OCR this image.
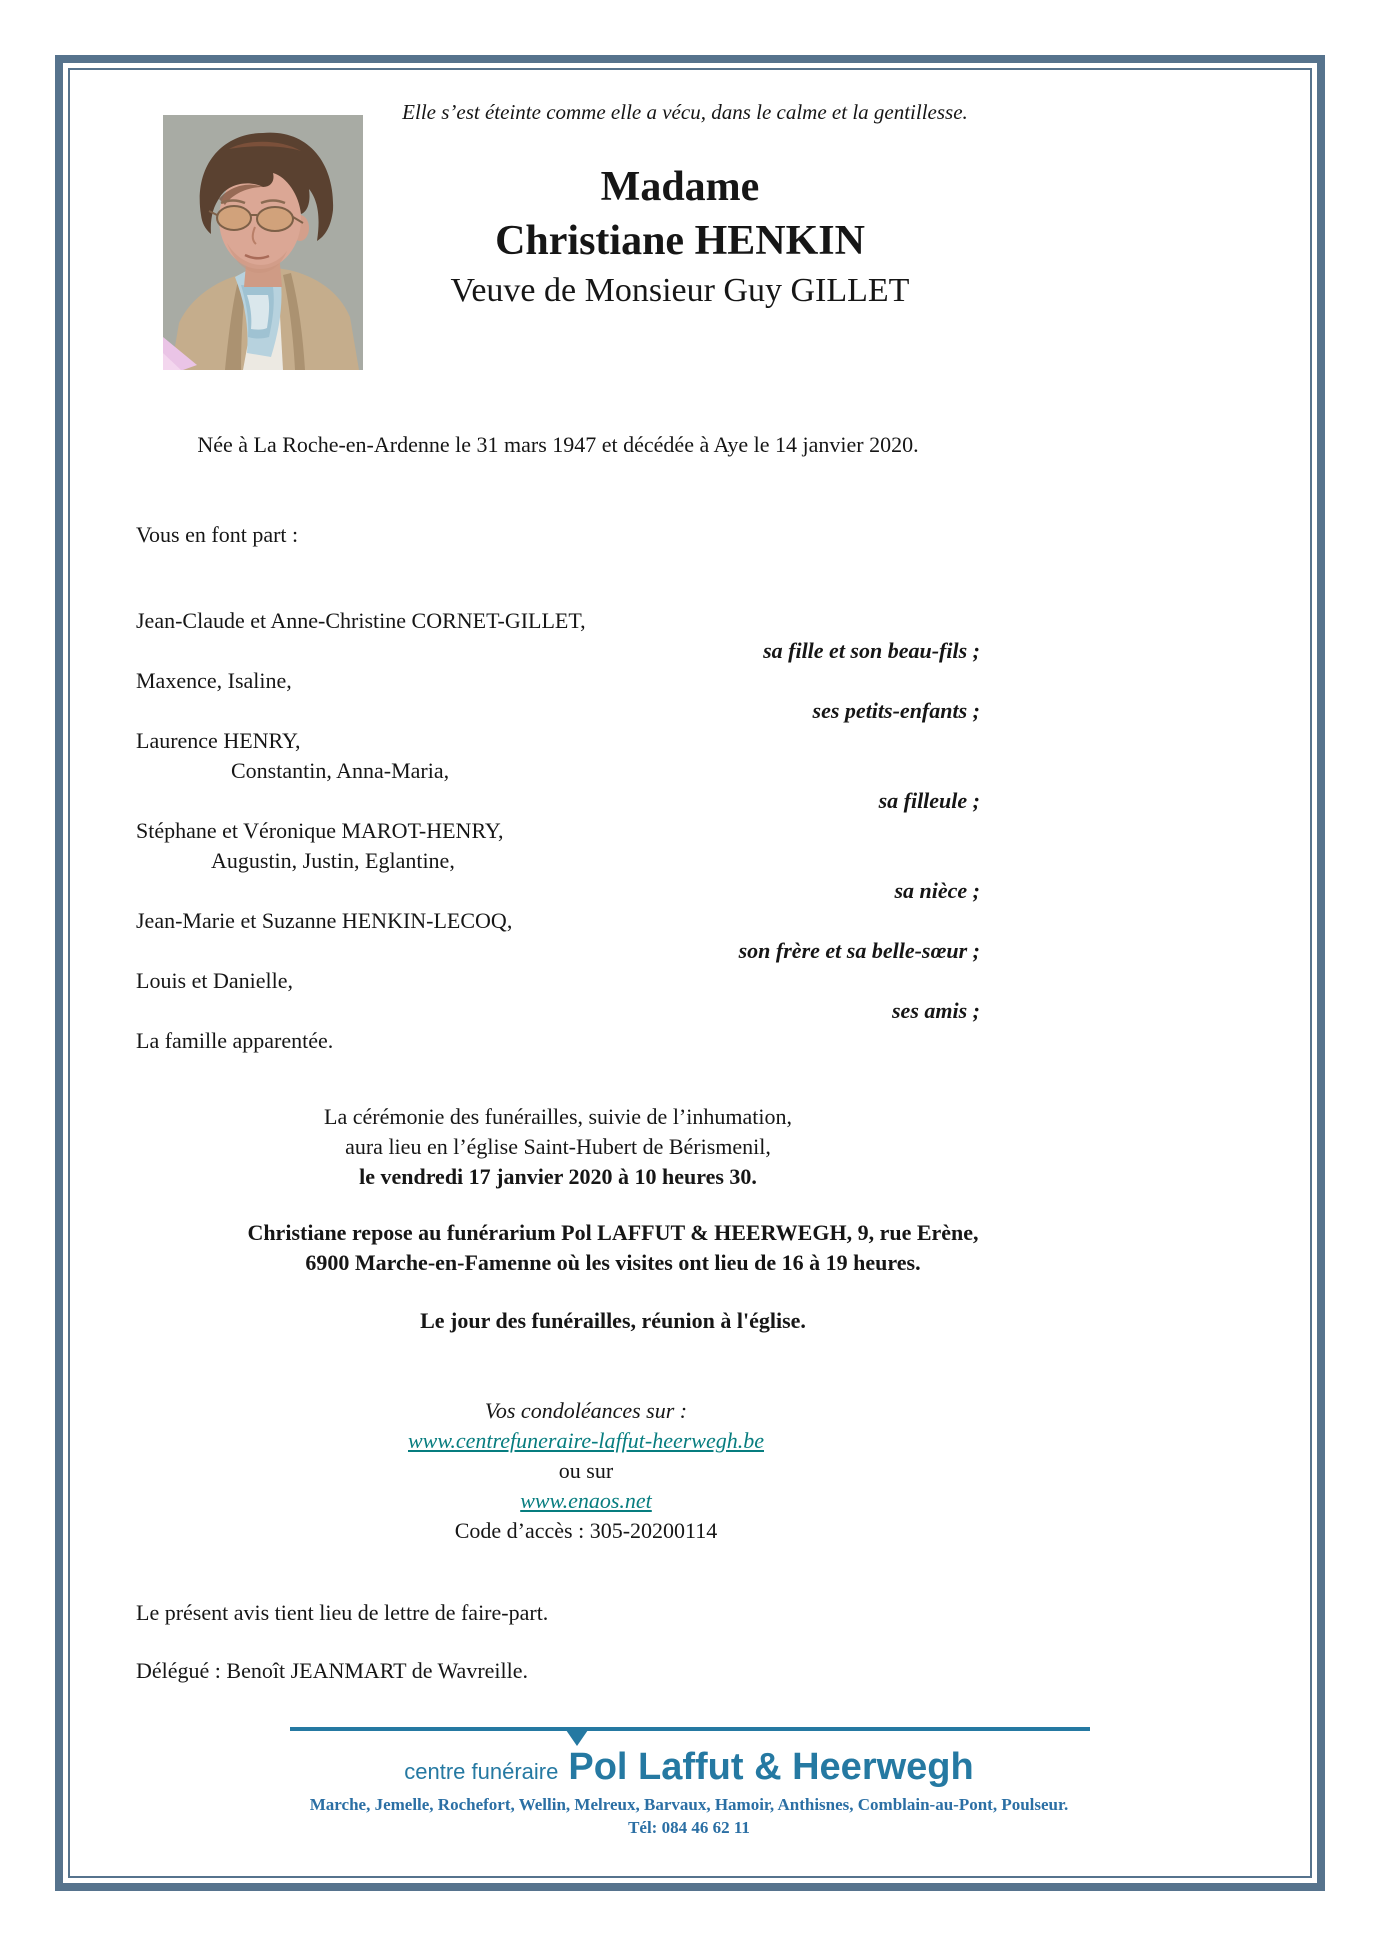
Elle s’est éteinte comme elle a vécu, dans le calme et la gentillesse.
Madame
Christiane HENKIN
Veuve de Monsieur Guy GILLET
Née à La Roche-en-Ardenne le 31 mars 1947 et décédée à Aye le 14 janvier 2020.
Vous en font part :
Jean-Claude et Anne-Christine CORNET-GILLET,
sa fille et son beau-fils ;
Maxence, Isaline,
ses petits-enfants ;
Laurence HENRY,
Constantin, Anna-Maria,
sa filleule ;
Stéphane et Véronique MAROT-HENRY,
Augustin, Justin, Eglantine,
sa nièce ;
Jean-Marie et Suzanne HENKIN-LECOQ,
son frère et sa belle-sœur ;
Louis et Danielle,
ses amis ;
La famille apparentée.
La cérémonie des funérailles, suivie de l’inhumation,
aura lieu en l’église Saint-Hubert de Bérismenil,
le vendredi 17 janvier 2020 à 10 heures 30.
Christiane repose au funérarium Pol LAFFUT & HEERWEGH, 9, rue Erène,
6900 Marche-en-Famenne où les visites ont lieu de 16 à 19 heures.
Le jour des funérailles, réunion à l'église.
Vos condoléances sur :
www.centrefuneraire-laffut-heerwegh.be
ou sur
www.enaos.net
Code d’accès : 305-20200114
Le présent avis tient lieu de lettre de faire-part.
Délégué : Benoît JEANMART de Wavreille.
centre funéraire Pol Laffut & Heerwegh
Marche, Jemelle, Rochefort, Wellin, Melreux, Barvaux, Hamoir, Anthisnes, Comblain-au-Pont, Poulseur.
Tél: 084 46 62 11
